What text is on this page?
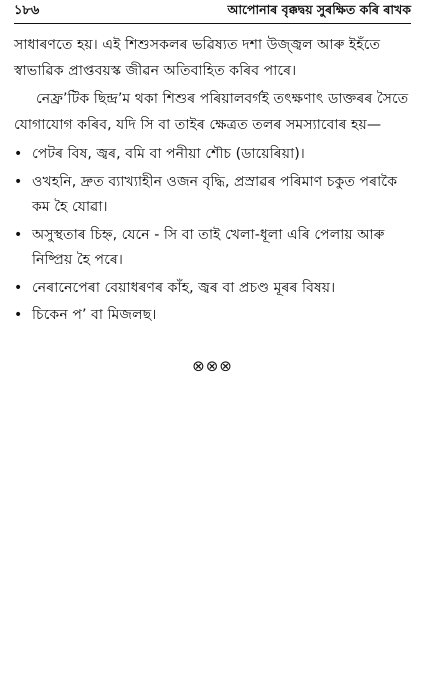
১৮৬	আপোনাৰ বৃক্কদ্বয় সুৰক্ষিত কৰি ৰাখক

সাধাৰণতে হয়। এই শিশুসকলৰ ভৱিষ্যত দশা উজ্জ্বল আৰু ইহঁতে স্বাভাৱিক প্ৰাপ্তবয়স্ক জীৱন অতিবাহিত কৰিব পাৰে।

নেফ্ৰ’টিক ছিন্দ্ৰ’ম থকা শিশুৰ পৰিয়ালবৰ্গই তৎক্ষণাৎ ডাক্তৰৰ সৈতে যোগাযোগ কৰিব, যদি সি বা তাইৰ ক্ষেত্ৰত তলৰ সমস্যাবোৰ হয়—

• পেটৰ বিষ, জ্বৰ, বমি বা পনীয়া শৌচ (ডায়েৰিয়া)।
• ওখহনি, দ্ৰুত ব্যাখ্যাহীন ওজন বৃদ্ধি, প্ৰস্ৰাৱৰ পৰিমাণ চকুত পৰাকৈ কম হৈ যোৱা।
• অসুস্থতাৰ চিহ্ন, যেনে - সি বা তাই খেলা-ধূলা এৰি পেলায় আৰু নিষ্প্ৰিয় হৈ পৰে।
• নেৰানেপেৰা বেয়াধৰণৰ কাঁহ, জ্বৰ বা প্ৰচণ্ড মূৰৰ বিষয়।
• চিকেন প’ বা মিজলছ।
⊗⊗⊗
